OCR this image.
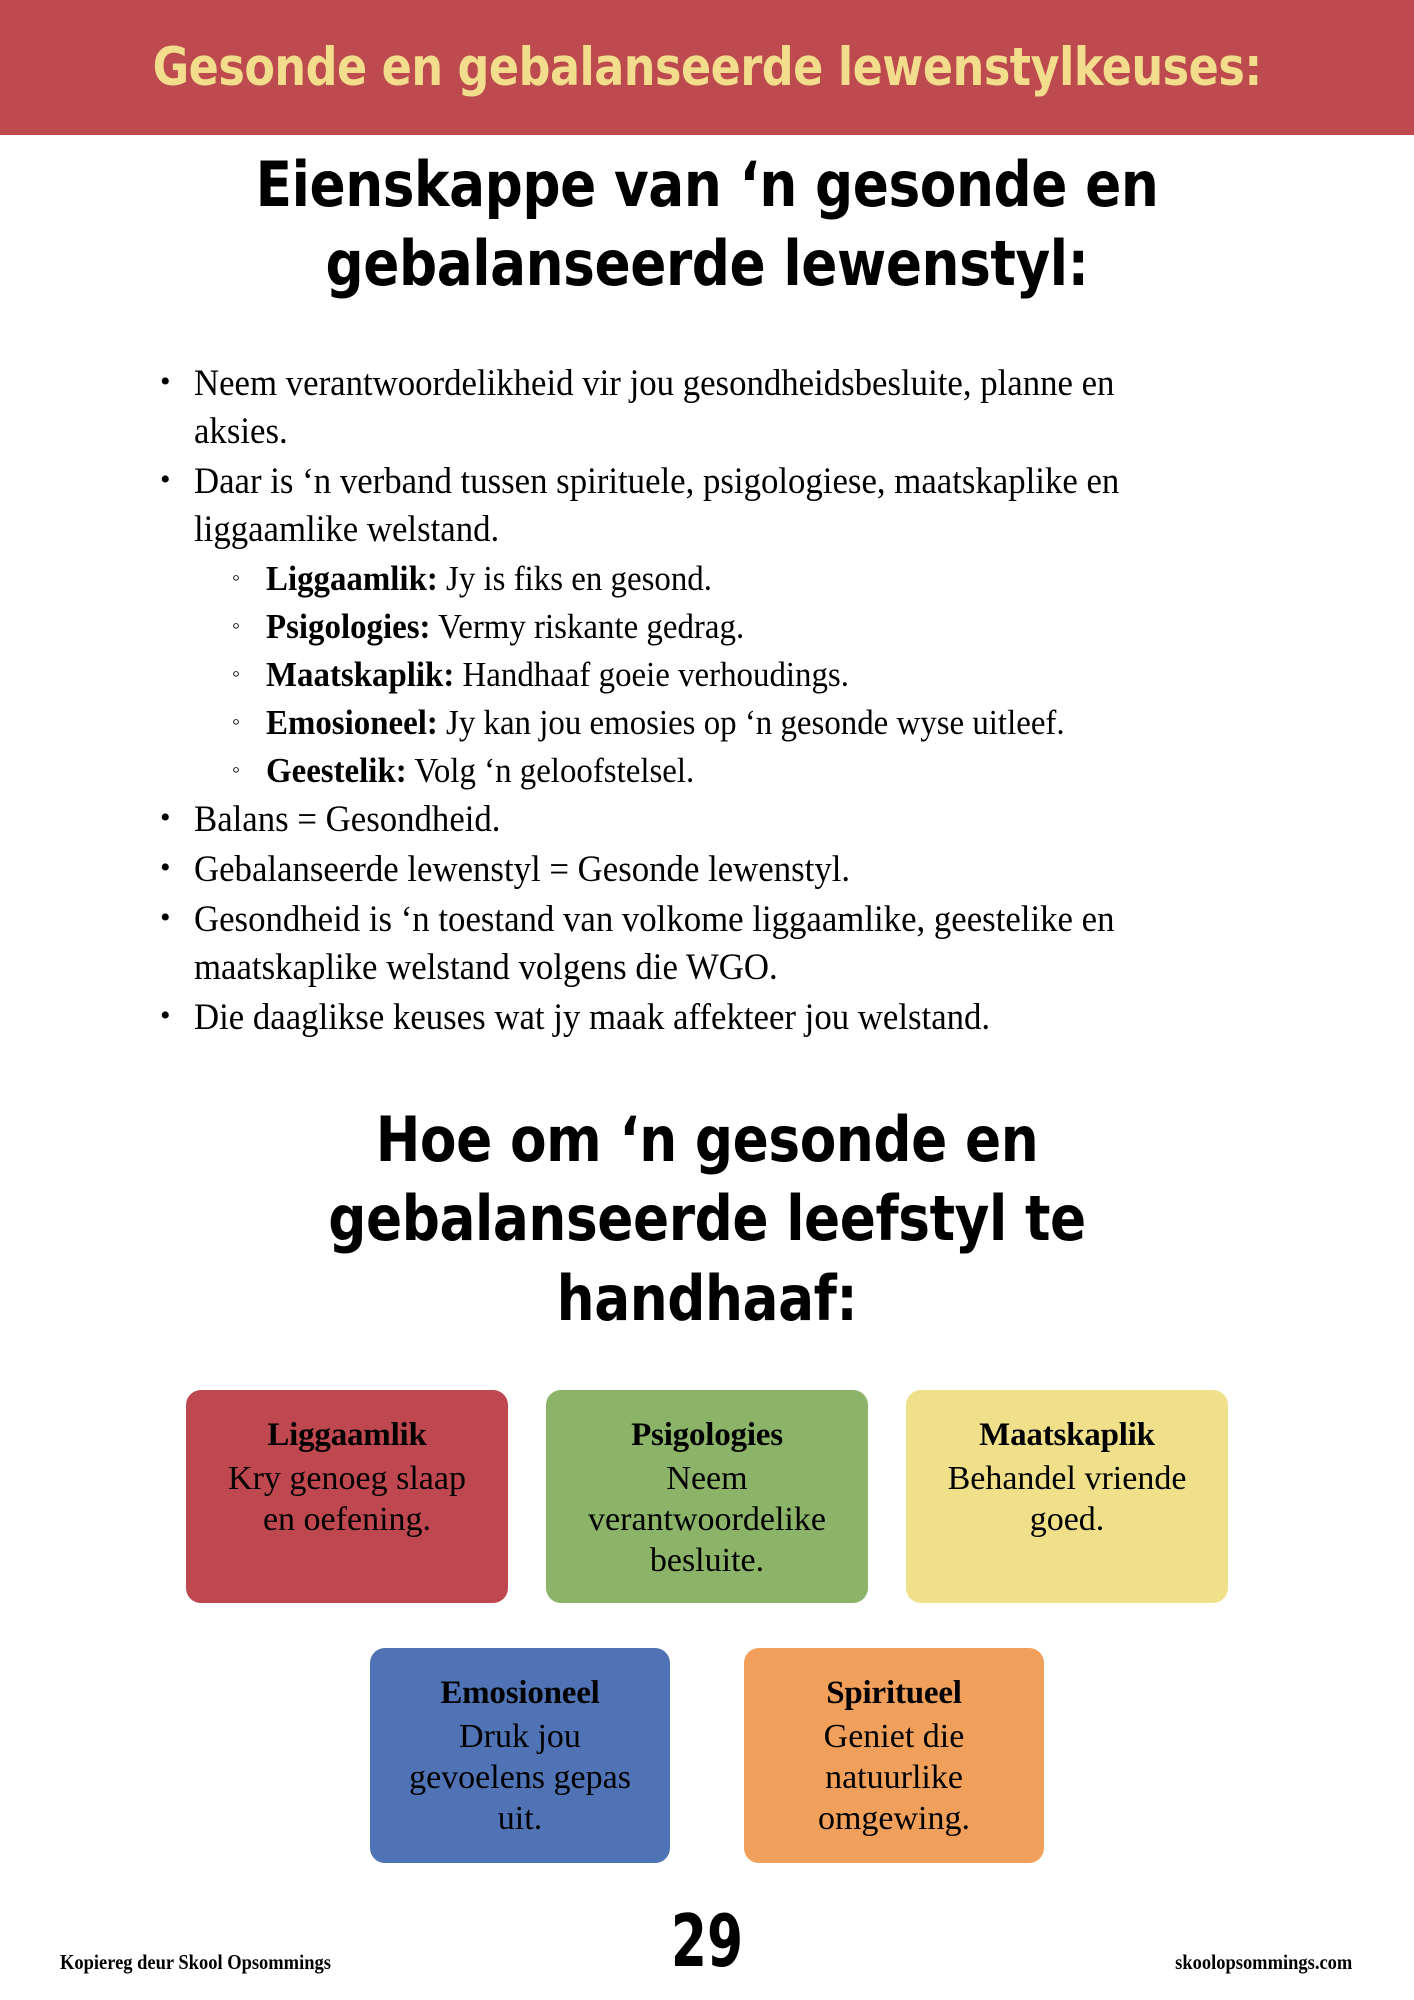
Gesonde en gebalanseerde lewenstylkeuses:
Eienskappe van ‘n gesonde en gebalanseerde lewenstyl:
• Neem verantwoordelikheid vir jou gesondheidsbesluite, planne en aksies.
• Daar is ‘n verband tussen spirituele, psigologiese, maatskaplike en liggaamlike welstand.
◦ Liggaamlik: Jy is fiks en gesond.
◦ Psigologies: Vermy riskante gedrag.
◦ Maatskaplik: Handhaaf goeie verhoudings.
◦ Emosioneel: Jy kan jou emosies op ‘n gesonde wyse uitleef.
◦ Geestelik: Volg ‘n geloofstelsel.
• Balans = Gesondheid.
• Gebalanseerde lewenstyl = Gesonde lewenstyl.
• Gesondheid is ‘n toestand van volkome liggaamlike, geestelike en maatskaplike welstand volgens die WGO.
• Die daaglikse keuses wat jy maak affekteer jou welstand.
Hoe om ‘n gesonde en gebalanseerde leefstyl te handhaaf:
Liggaamlik
Kry genoeg slaap en oefening.
Psigologies
Neem verantwoordelike besluite.
Maatskaplik
Behandel vriende goed.
Emosioneel
Druk jou gevoelens gepas uit.
Spiritueel
Geniet die natuurlike omgewing.
Kopiereg deur Skool Opsommings	29	skoolopsommings.com
